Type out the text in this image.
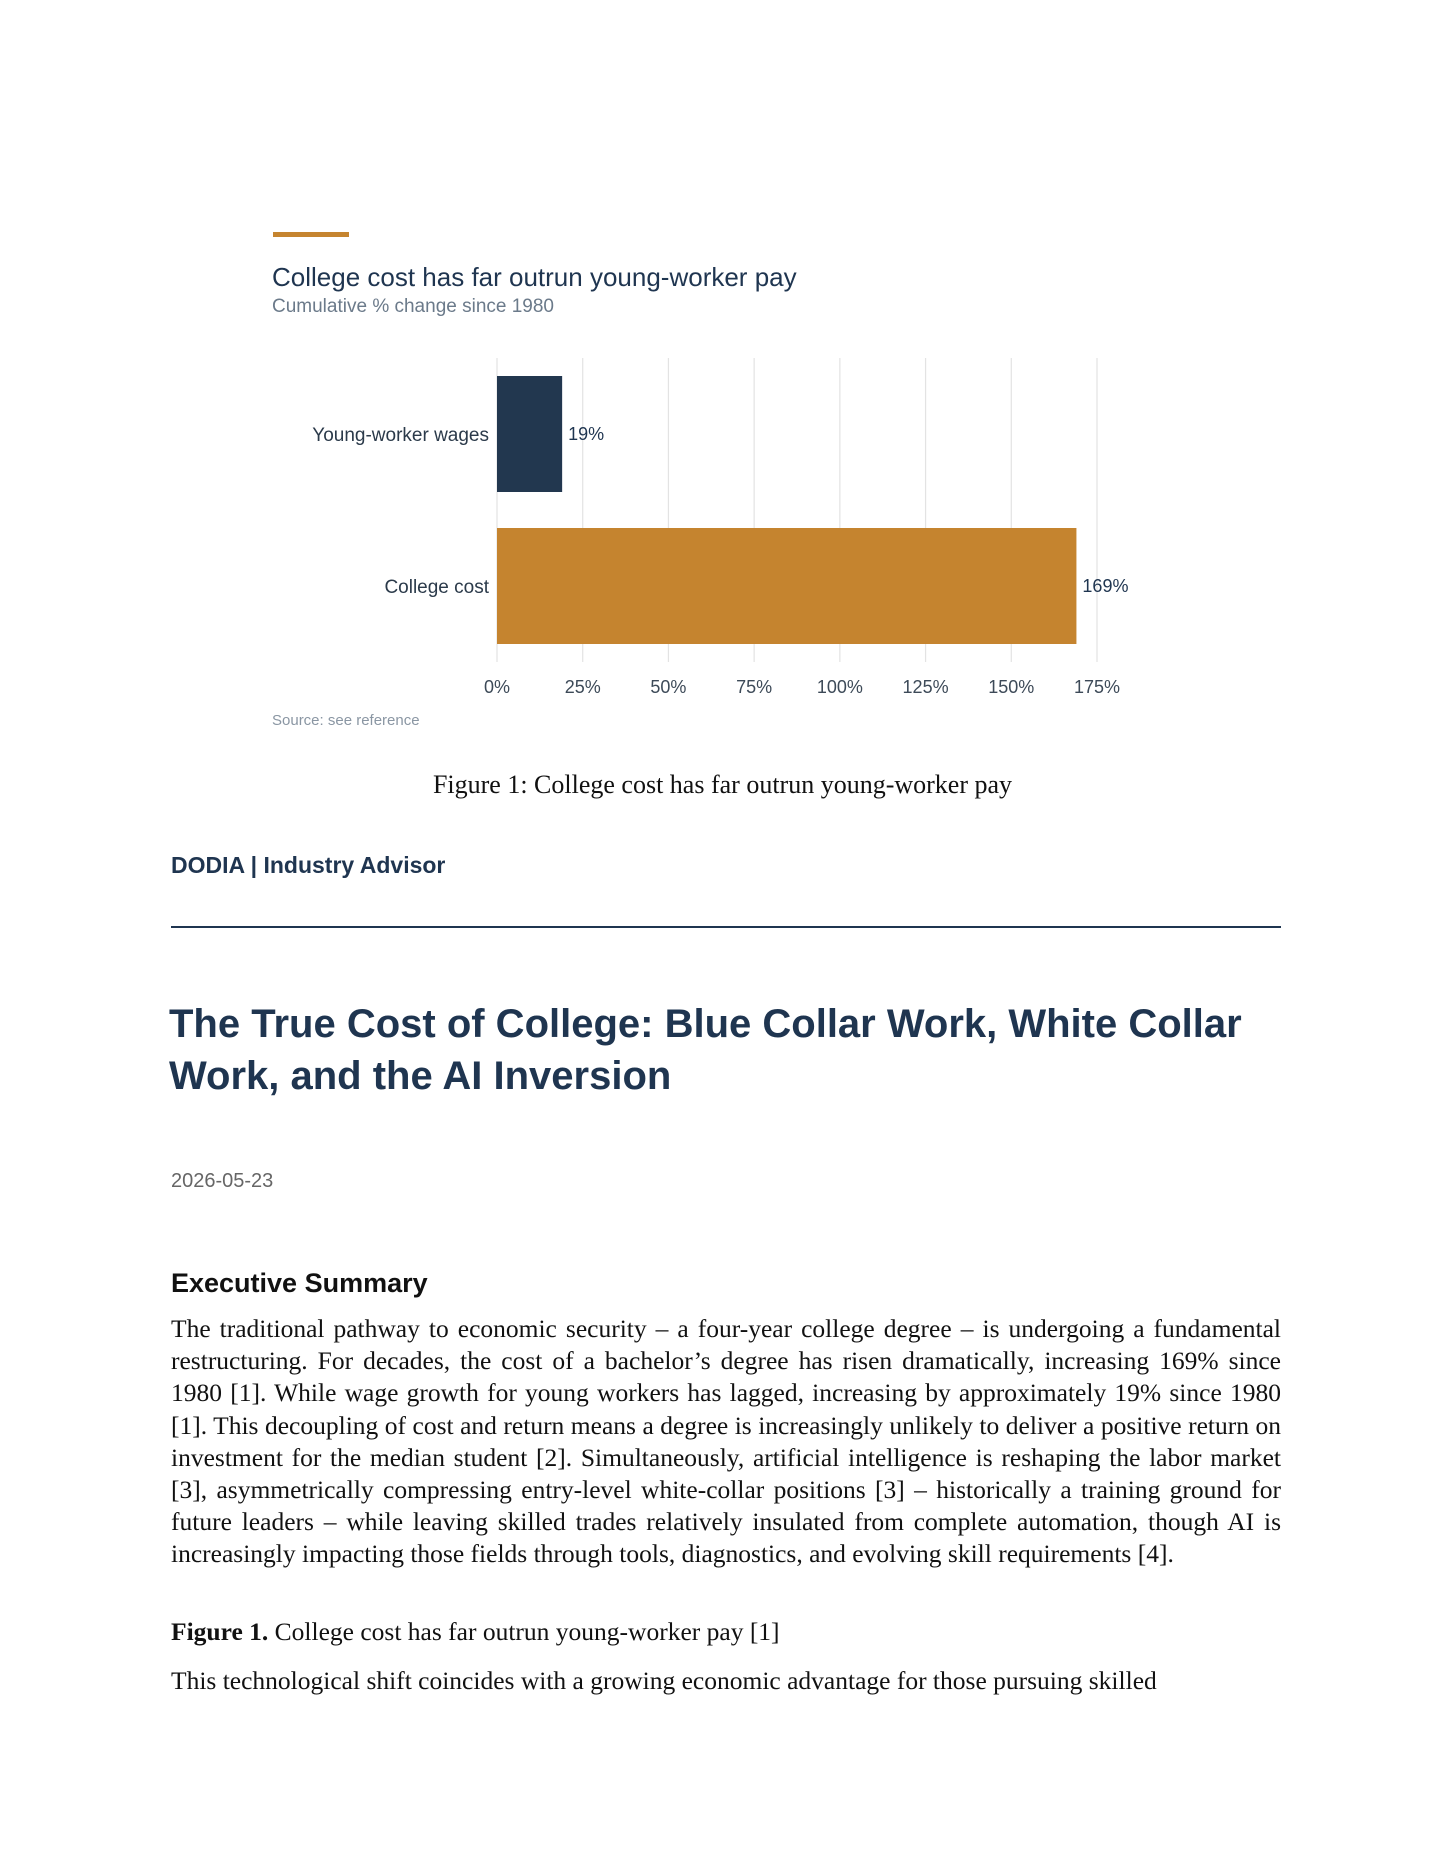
College cost has far outrun young-worker pay
Cumulative % change since 1980
0%	25%	50%	75% 100% 125% 150% 175%
Young-worker wages	19%
College cost	169%
Source: see reference
Figure 1: College cost has far outrun young-worker pay
DODIA | Industry Advisor
The True Cost of College: Blue Collar Work, White Collar Work, and the AI Inversion
2026-05-23
Executive Summary

The traditional pathway to economic security – a four-year college degree – is undergoing a fundamental restructuring. For decades, the cost of a bachelor’s degree has risen dramatically, increasing 169% since 1980 [1]. While wage growth for young workers has lagged, increasing by approximately 19% since 1980 [1]. This decoupling of cost and return means a degree is increasingly unlikely to deliver a positive return on investment for the median student [2]. Simultaneously, artificial intelligence is reshaping the labor market [3], asymmetrically compressing entry-level white-collar positions [3] – historically a training ground for future leaders – while leaving skilled trades relatively insulated from complete automation, though AI is increasingly impacting those fields through tools, diagnostics, and evolving skill requirements [4].

Figure 1. College cost has far outrun young-worker pay [1]

This technological shift coincides with a growing economic advantage for those pursuing skilled
